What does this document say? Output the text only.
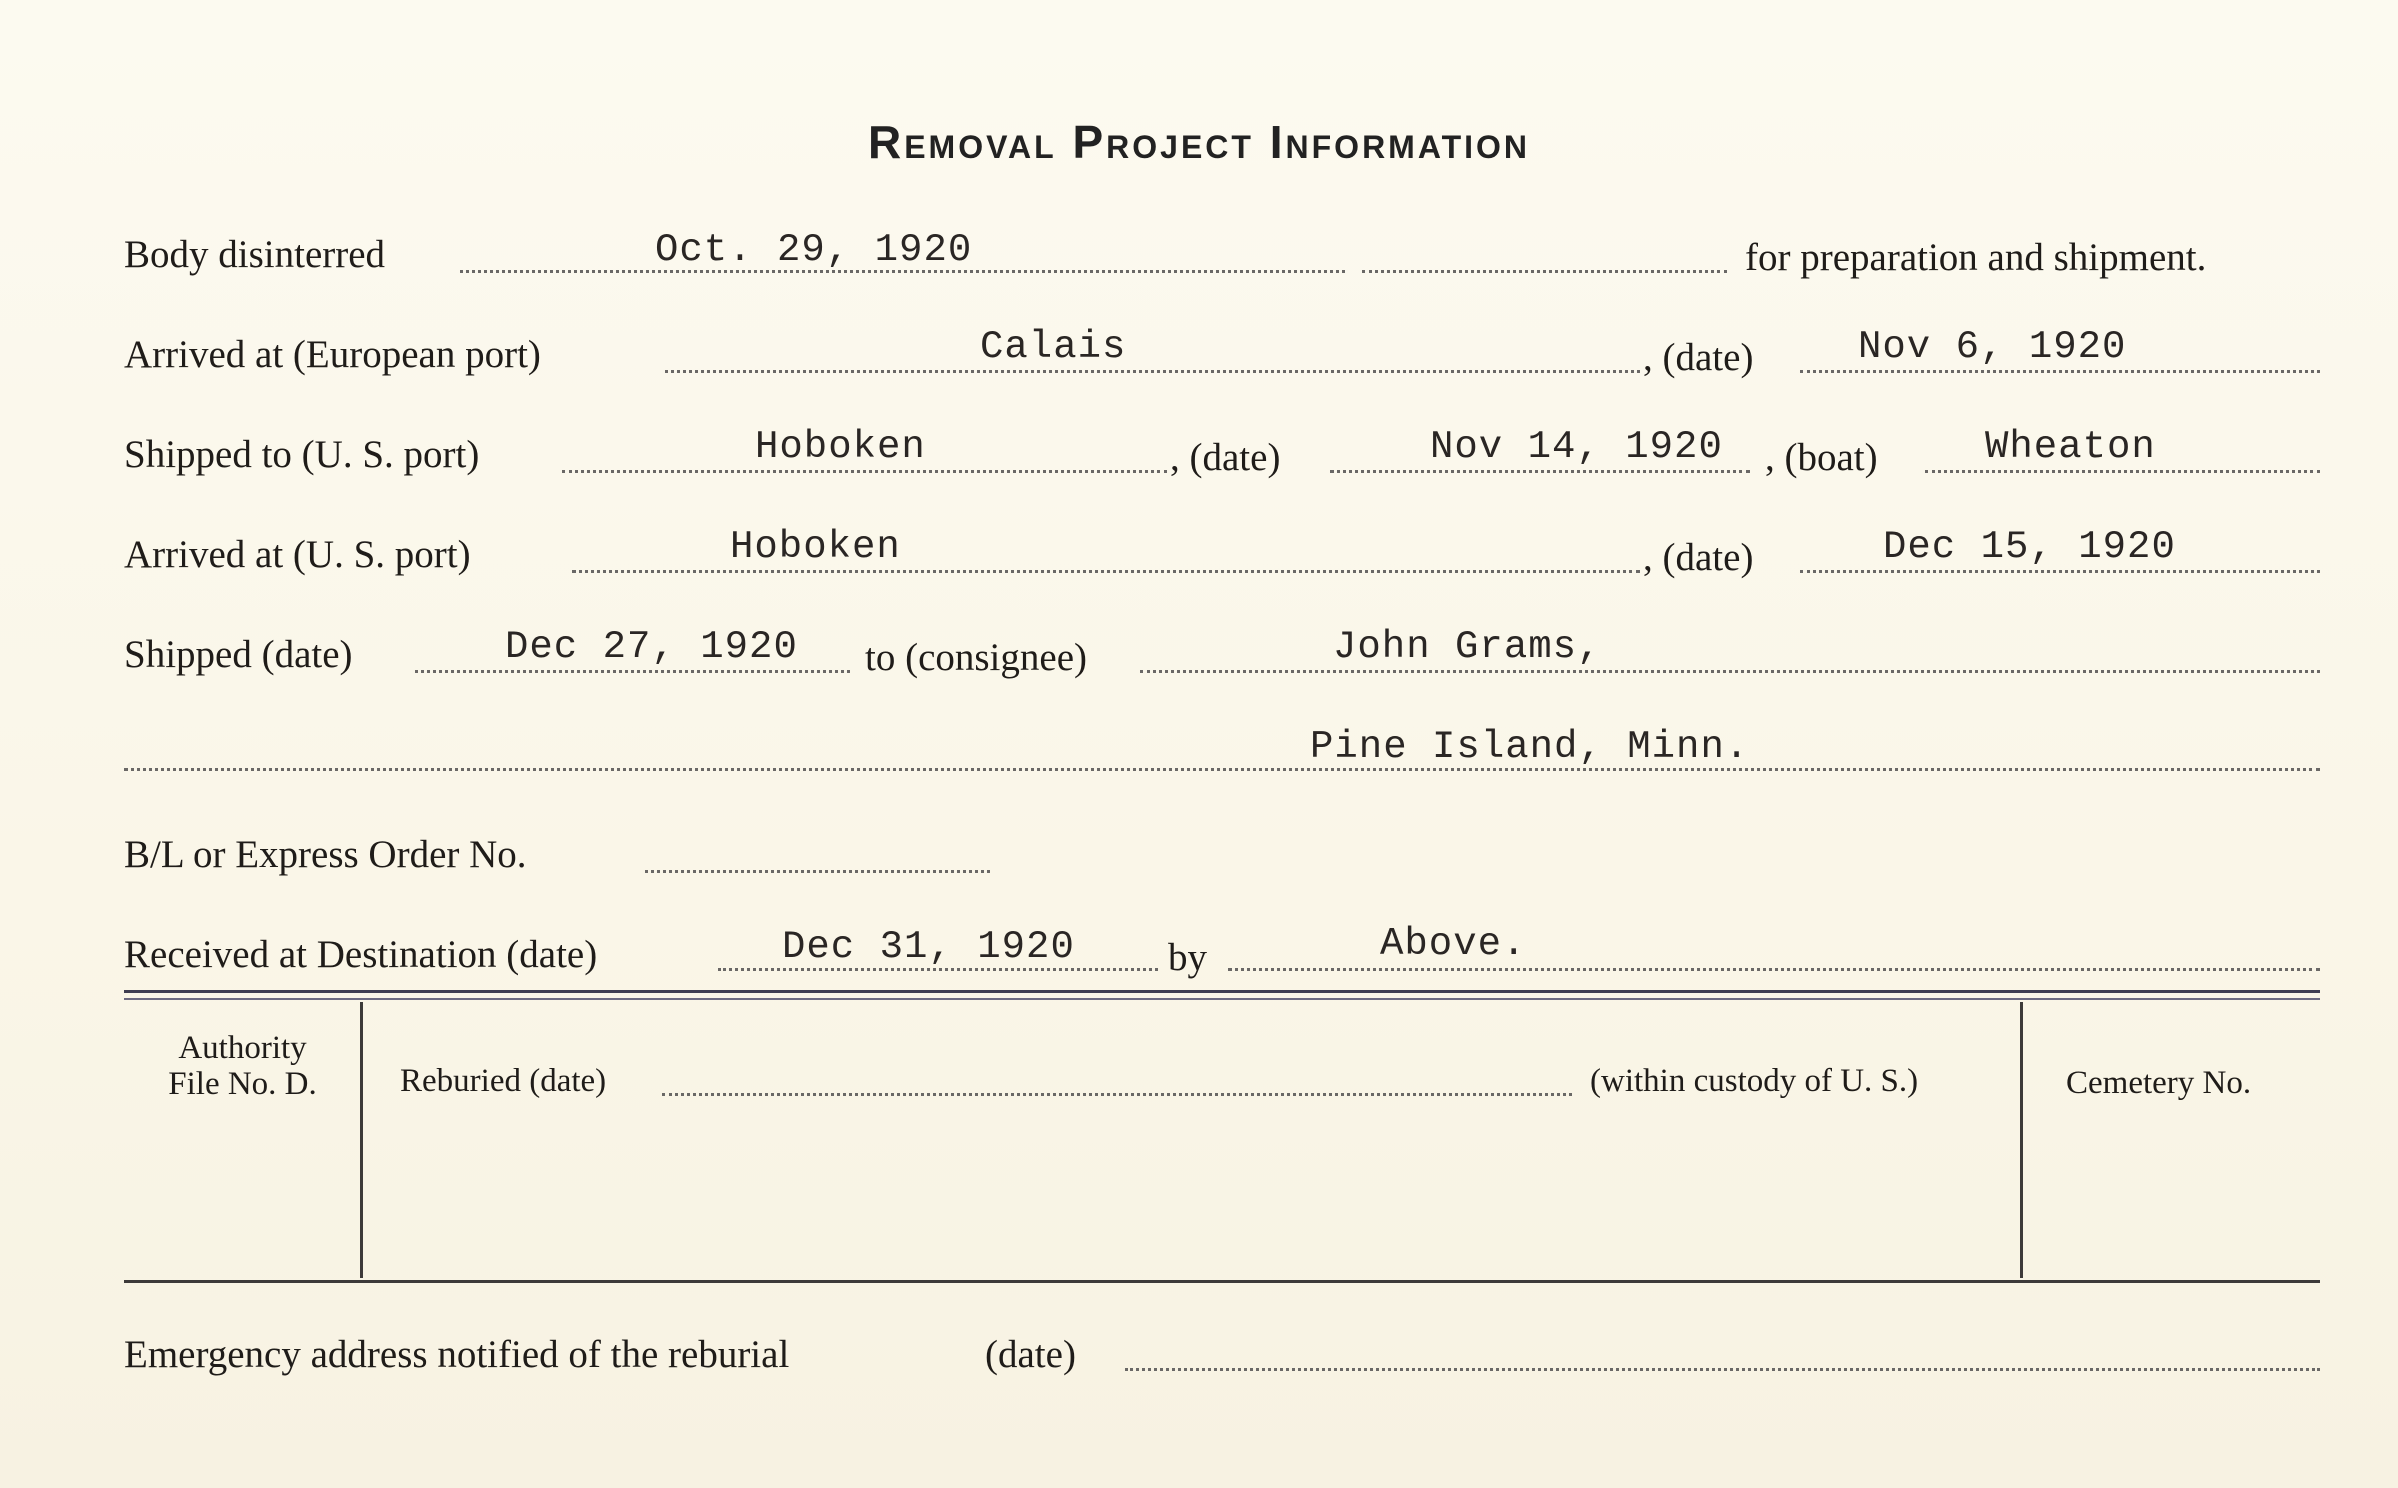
Removal Project Information
Body disinterred	Oct. 29, 1920	for preparation and shipment.
Arrived at (European port)	Calais	, (date)	Nov 6, 1920
Shipped to (U. S. port)	Hoboken	, (date)	Nov 14, 1920 , (boat)	Wheaton
Arrived at (U. S. port)	Hoboken	, (date)	Dec 15, 1920
Shipped (date)	Dec 27, 1920 to (consignee)	John Grams,
Pine Island, Minn.
B/L or Express Order No.
Received at Destination (date)	Dec 31, 1920 by	Above.
Authority
File No. D.	Reburied (date)	(within custody of U. S.)	Cemetery No.
Emergency address notified of the reburial	(date)
